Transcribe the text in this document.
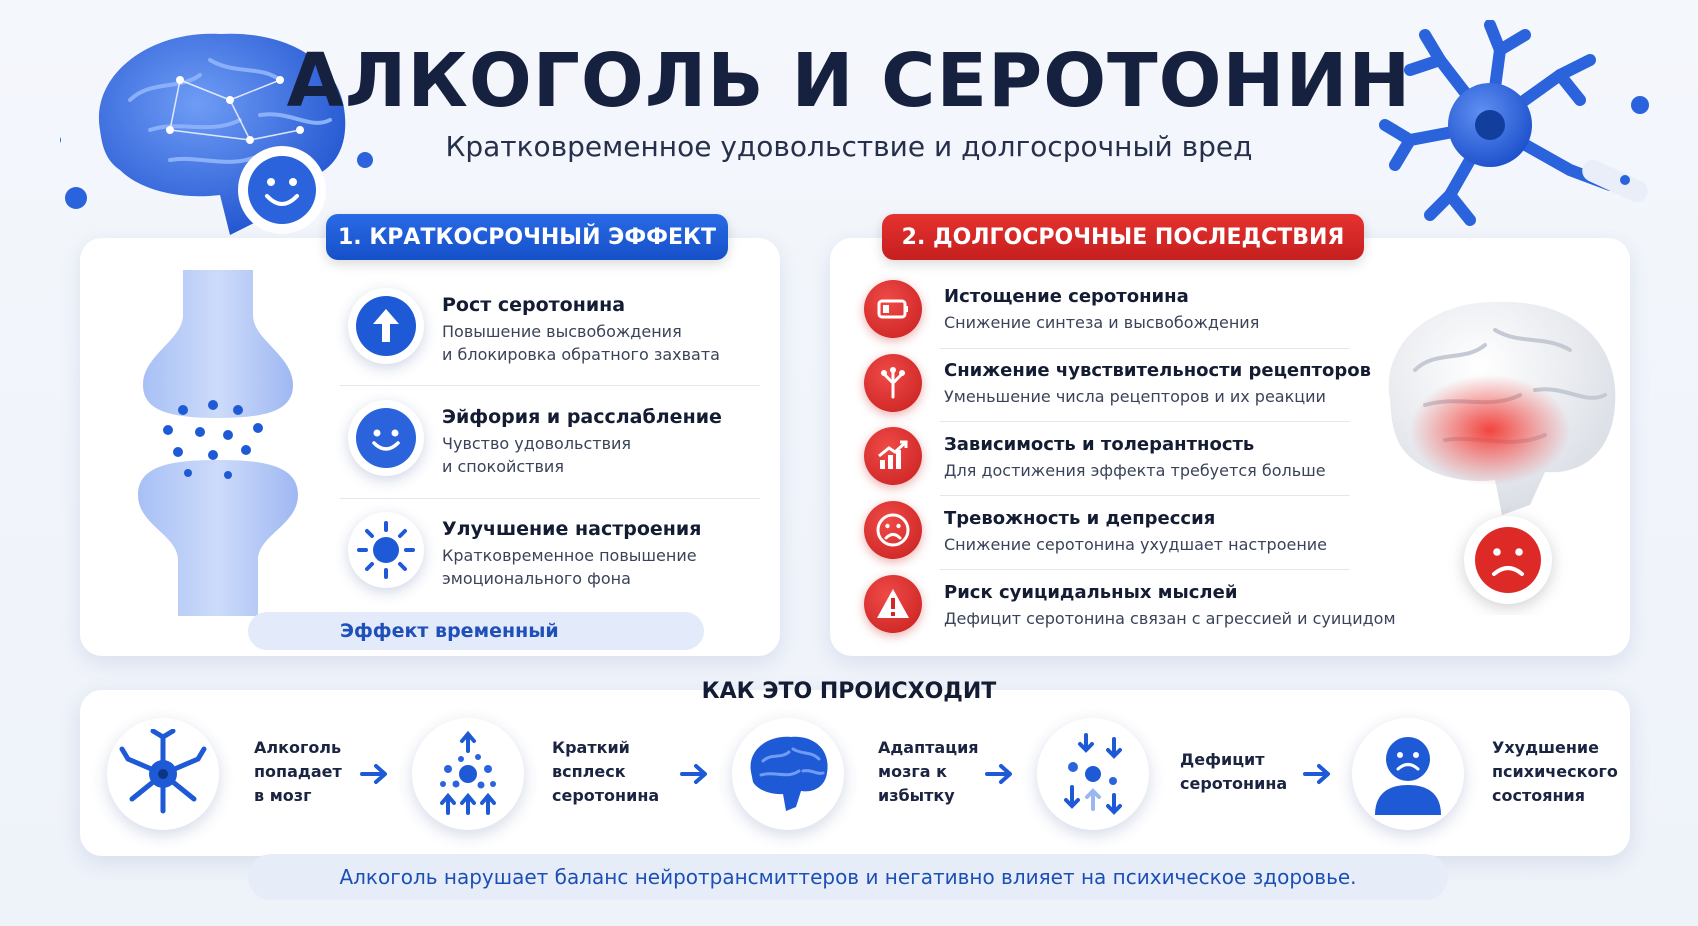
АЛКОГОЛЬ И СЕРОТОНИН
Кратковременное удовольствие и долгосрочный вред
1. КРАТКОСРОЧНЫЙ ЭФФЕКТ
Рост серотонина
Повышение высвобождения
и блокировка обратного захвата
Эйфория и расслабление
Чувство удовольствия
и спокойствия
Улучшение настроения
Кратковременное повышение
эмоционального фона
Эффект временный
2. ДОЛГОСРОЧНЫЕ ПОСЛЕДСТВИЯ
Истощение серотонина
Снижение синтеза и высвобождения
Снижение чувствительности рецепторов
Уменьшение числа рецепторов и их реакции
Зависимость и толерантность
Для достижения эффекта требуется больше
Тревожность и депрессия
Снижение серотонина ухудшает настроение
Риск суицидальных мыслей
Дефицит серотонина связан с агрессией и суицидом
КАК ЭТО ПРОИСХОДИТ
Алкоголь
попадает
в мозг
Краткий
всплеск
серотонина
Адаптация
мозга к
избытку
Дефицит
серотонина
Ухудшение
психического
состояния
Алкоголь нарушает баланс нейротрансмиттеров и негативно влияет на психическое здоровье.
